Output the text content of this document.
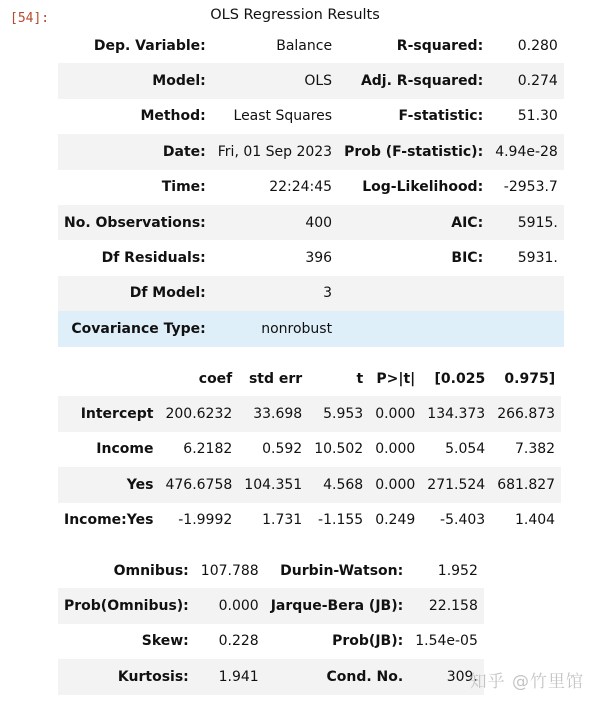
[54]:	OLS Regression Results
Dep. Variable:	Balance	R-squared:	0.280
Model:	OLS	Adj. R-squared:	0.274
Method:	Least Squares	F-statistic:	51.30
Date:	Fri, 01 Sep 2023	Prob (F-statistic):	4.94e-28
Time:	22:24:45	Log-Likelihood:	-2953.7
No. Observations:	400	AIC:	5915.
Df Residuals:	396	BIC:	5931.
Df Model:	3		
Covariance Type:	nonrobust		
	coef	std err	t	P>|t|	[0.025	0.975]
Intercept	200.6232	33.698	5.953	0.000	134.373	266.873
Income	6.2182	0.592	10.502	0.000	5.054	7.382
Yes	476.6758	104.351	4.568	0.000	271.524	681.827
Income:Yes	-1.9992	1.731	-1.155	0.249	-5.403	1.404
Omnibus:	107.788	Durbin-Watson:	1.952
Prob(Omnibus):	0.000	Jarque-Bera (JB):	22.158
Skew:	0.228	Prob(JB):	1.54e-05
Kurtosis:	1.941	Cond. No.	309.
知乎 @竹里馆
